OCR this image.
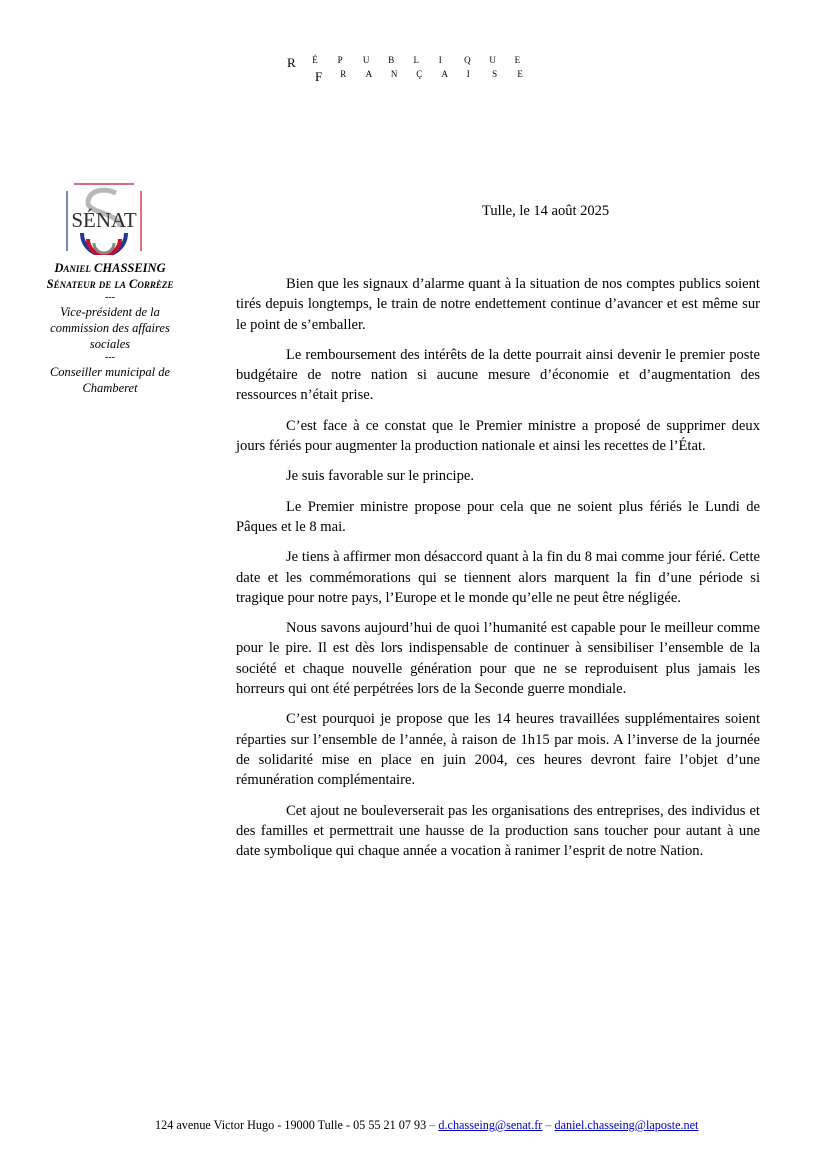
R	É	P	U	B	L	I	Q	U	E
F	R	A	N	Ç	A	I	S	E
SÉNAT
Daniel CHASSEING
Sénateur de la Corrèze
---
Vice-président de la commission des affaires sociales
---
Conseiller municipal de Chamberet
Tulle, le 14 août 2025

Bien que les signaux d’alarme quant à la situation de nos comptes publics soient tirés depuis longtemps, le train de notre endettement continue d’avancer et est même sur le point de s’emballer.

Le remboursement des intérêts de la dette pourrait ainsi devenir le premier poste budgétaire de notre nation si aucune mesure d’économie et d’augmentation des ressources n’était prise.

C’est face à ce constat que le Premier ministre a proposé de supprimer deux jours fériés pour augmenter la production nationale et ainsi les recettes de l’État.

Je suis favorable sur le principe.

Le Premier ministre propose pour cela que ne soient plus fériés le Lundi de Pâques et le 8 mai.

Je tiens à affirmer mon désaccord quant à la fin du 8 mai comme jour férié. Cette date et les commémorations qui se tiennent alors marquent la fin d’une période si tragique pour notre pays, l’Europe et le monde qu’elle ne peut être négligée.

Nous savons aujourd’hui de quoi l’humanité est capable pour le meilleur comme pour le pire. Il est dès lors indispensable de continuer à sensibiliser l’ensemble de la société et chaque nouvelle génération pour que ne se reproduisent plus jamais les horreurs qui ont été perpétrées lors de la Seconde guerre mondiale.

C’est pourquoi je propose que les 14 heures travaillées supplémentaires soient réparties sur l’ensemble de l’année, à raison de 1h15 par mois. A l’inverse de la journée de solidarité mise en place en juin 2004, ces heures devront faire l’objet d’une rémunération complémentaire.

Cet ajout ne bouleverserait pas les organisations des entreprises, des individus et des familles et permettrait une hausse de la production sans toucher pour autant à une date symbolique qui chaque année a vocation à ranimer l’esprit de notre Nation.

124 avenue Victor Hugo - 19000 Tulle - 05 55 21 07 93 – d.chasseing@senat.fr – daniel.chasseing@laposte.net
